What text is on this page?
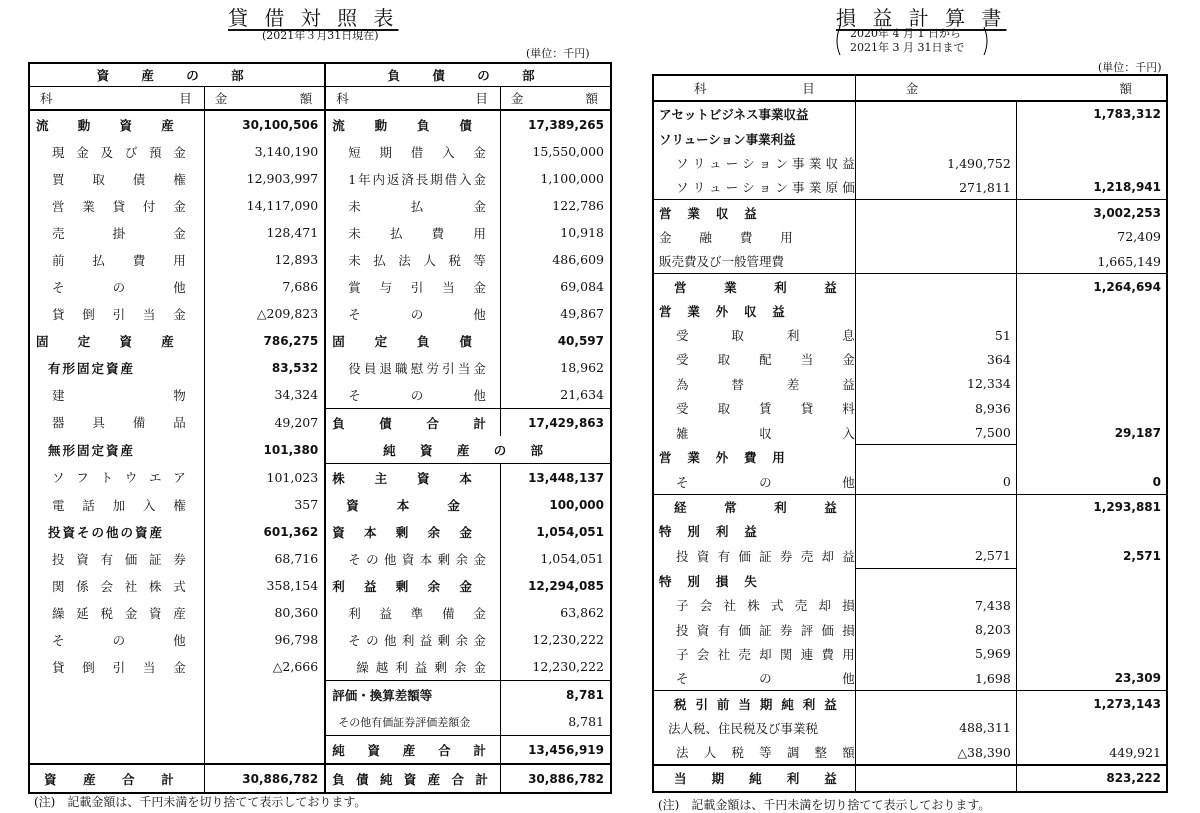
貸 借 対 照 表
(2021年３月31日現在)
(単位：千円)
資 産 の 部		負 債 の 部	
科 目	金 額	科 目	金 額
流動資産	30,100,506	流動負債	17,389,265
現金及び預金	3,140,190	短期借入金	15,550,000
買取債権	12,903,997	1年内返済長期借入金	1,100,000
営業貸付金	14,117,090	未払金	122,786
売掛金	128,471	未払費用	10,918
前払費用	12,893	未払法人税等	486,609
その他	7,686	賞与引当金	69,084
貸倒引当金	△209,823	その他	49,867
固定資産	786,275	固定負債	40,597
有形固定資産	83,532	役員退職慰労引当金	18,962
建物	34,324	その他	21,634
器具備品	49,207	負債合計	17,429,863
無形固定資産	101,380	純 資 産 の 部	
ソフトウエア	101,023	株主資本	13,448,137
電話加入権	357	資本金	100,000
投資その他の資産	601,362	資本剰余金	1,054,051
投資有価証券	68,716	その他資本剰余金	1,054,051
関係会社株式	358,154	利益剰余金	12,294,085
繰延税金資産	80,360	利益準備金	63,862
その他	96,798	その他利益剰余金	12,230,222
貸倒引当金	△2,666	繰越利益剰余金	12,230,222
		評価・換算差額等	8,781
		その他有価証券評価差額金	8,781
		純資産合計	13,456,919
資 産 合 計	30,886,782	負債純資産合計	30,886,782
(注)　記載金額は、千円未満を切り捨てて表示しております。
損 益 計 算 書
2020年 4 月 1 日から
2021年 3 月 31日まで
(単位：千円)
科 目	金 額	
アセットビジネス事業収益		1,783,312
ソリューション事業利益		
ソリューション事業収益	1,490,752	
ソリューション事業原価	271,811	1,218,941
営業収益		3,002,253
金融費用		72,409
販売費及び一般管理費		1,665,149
営業利益		1,264,694
営業外収益		
受取利息	51	
受取配当金	364	
為替差益	12,334	
受取賃貸料	8,936	
雑収入	7,500	29,187
営業外費用		
その他	0	0
経常利益		1,293,881
特別利益		
投資有価証券売却益	2,571	2,571
特別損失		
子会社株式売却損	7,438	
投資有価証券評価損	8,203	
子会社売却関連費用	5,969	
その他	1,698	23,309
税引前当期純利益		1,273,143
法人税、住民税及び事業税	488,311	
法人税等調整額	△38,390	449,921
当期純利益		823,222
(注)　記載金額は、千円未満を切り捨てて表示しております。
